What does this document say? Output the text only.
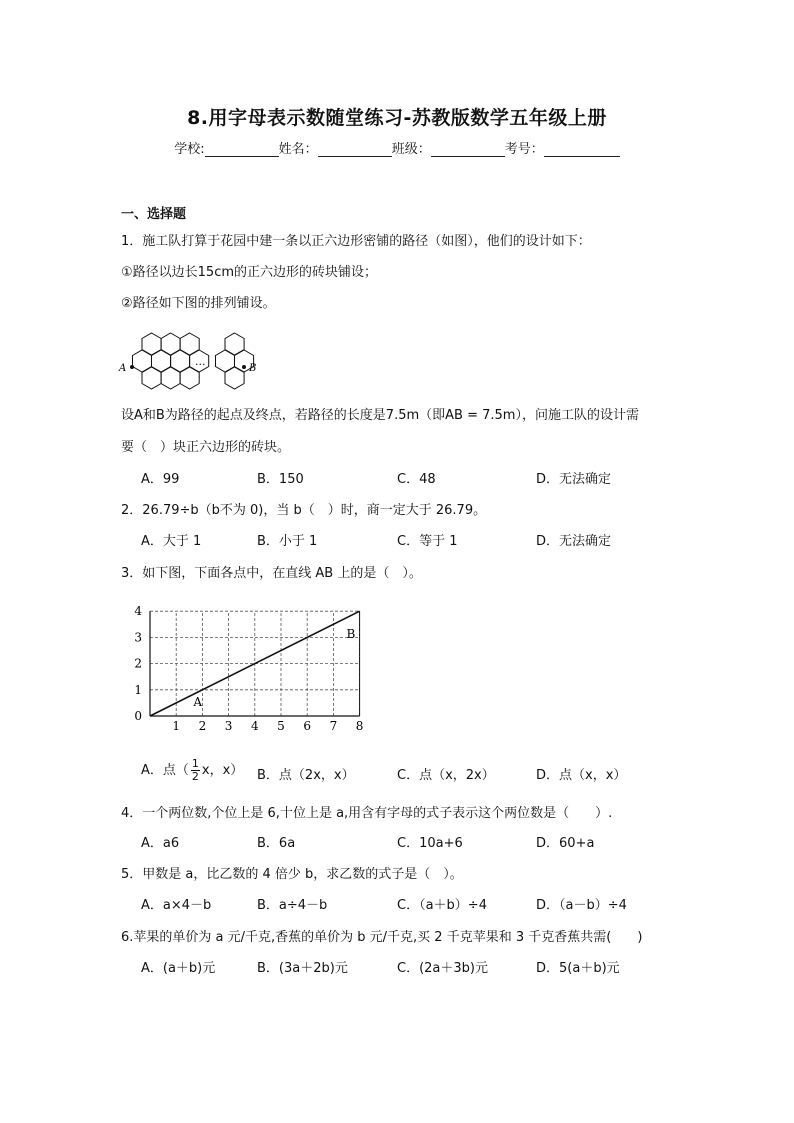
8.用字母表示数随堂练习-苏教版数学五年级上册
学校:	姓名：	班级：	考号：
一、选择题
1．施工队打算于花园中建一条以正六边形密铺的路径（如图），他们的设计如下：
①路径以边长15cm的正六边形的砖块铺设；
②路径如下图的排列铺设。
A	B
···
设A和B为路径的起点及终点，若路径的长度是7.5m（即AB = 7.5m），问施工队的设计需
要（　）块正六边形的砖块。
A．99	B．150	C．48	D．无法确定
2．26.79÷b（b不为 0)，当 b（　）时，商一定大于 26.79。
A．大于 1	B．小于 1	C．等于 1	D．无法确定
3．如下图，下面各点中，在直线 AB 上的是（　）。
1 2 3 4 5 6 7 8
0
1
2
3
4
A
B
A．点（ $\frac{1}{2}$ x，x） B．点（2x，x）	C．点（x，2x）	D．点（x，x）
4．一个两位数,个位上是 6,十位上是 a,用含有字母的式子表示这个两位数是（　　）.
A．a6	B．6a	C．10a+6	D．60+a
5．甲数是 a，比乙数的 4 倍少 b，求乙数的式子是（　）。
A．a×4－b	B．a÷4－b	C．（a＋b）÷4	D．（a－b）÷4
6.苹果的单价为 a 元/千克,香蕉的单价为 b 元/千克,买 2 千克苹果和 3 千克香蕉共需(　　)
A．(a＋b)元	B．(3a＋2b)元	C．(2a＋3b)元	D．5(a＋b)元
